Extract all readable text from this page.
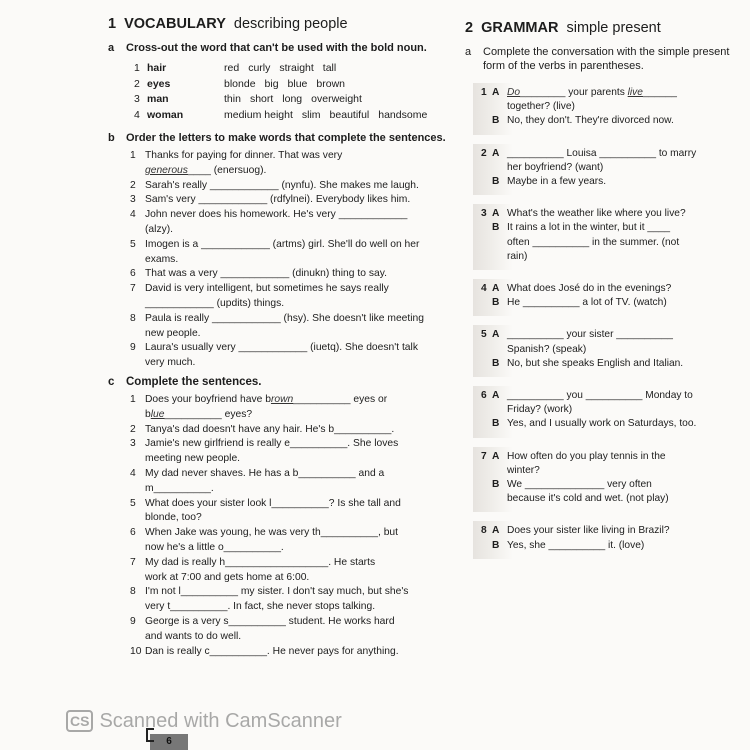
1 VOCABULARY describing people
a	Cross-out the word that can't be used with the bold noun.
1 hair	red curly straight tall
2 eyes	blonde big blue brown
3 man	thin short long overweight
4 woman	medium height slim beautiful handsome
b	Order the letters to make words that complete the sentences.
1 Thanks for paying for dinner. That was very
generous____ (enersuog).
2 Sarah's really ____________ (nynfu). She makes me laugh.
3 Sam's very ____________ (rdfylnei). Everybody likes him.
4 John never does his homework. He's very ____________
(alzy).
5 Imogen is a ____________ (artms) girl. She'll do well on her
exams.
6 That was a very ____________ (dinukn) thing to say.
7 David is very intelligent, but sometimes he says really
____________ (updits) things.
8 Paula is really ____________ (hsy). She doesn't like meeting
new people.
9 Laura's usually very ____________ (iuetq). She doesn't talk
very much.
c	Complete the sentences.
1 Does your boyfriend have brown__________ eyes or
blue__________ eyes?
2 Tanya's dad doesn't have any hair. He's b__________.
3 Jamie's new girlfriend is really e__________. She loves
meeting new people.
4 My dad never shaves. He has a b__________ and a
m__________.
5 What does your sister look l__________? Is she tall and
blonde, too?
6 When Jake was young, he was very th__________, but
now he's a little o__________.
7 My dad is really h__________________. He starts
work at 7:00 and gets home at 6:00.
8 I'm not l__________ my sister. I don't say much, but she's
very t__________. In fact, she never stops talking.
9 George is a very s__________ student. He works hard
and wants to do well.
10 Dan is really c__________. He never pays for anything.
2 GRAMMAR simple present
a	Complete the conversation with the simple present form of the verbs in parentheses.
1 A Do________ your parents live______
together? (live)
B No, they don't. They're divorced now.
2 A __________ Louisa __________ to marry
her boyfriend? (want)
B Maybe in a few years.
3 A What's the weather like where you live?
B It rains a lot in the winter, but it ____
often __________ in the summer. (not
rain)
4 A What does José do in the evenings?
B He __________ a lot of TV. (watch)
5 A __________ your sister __________
Spanish? (speak)
B No, but she speaks English and Italian.
6 A __________ you __________ Monday to
Friday? (work)
B Yes, and I usually work on Saturdays, too.
7 A How often do you play tennis in the
winter?
B We ______________ very often
because it's cold and wet. (not play)
8 A Does your sister like living in Brazil?
B Yes, she __________ it. (love)
CS Scanned with CamScanner
6
